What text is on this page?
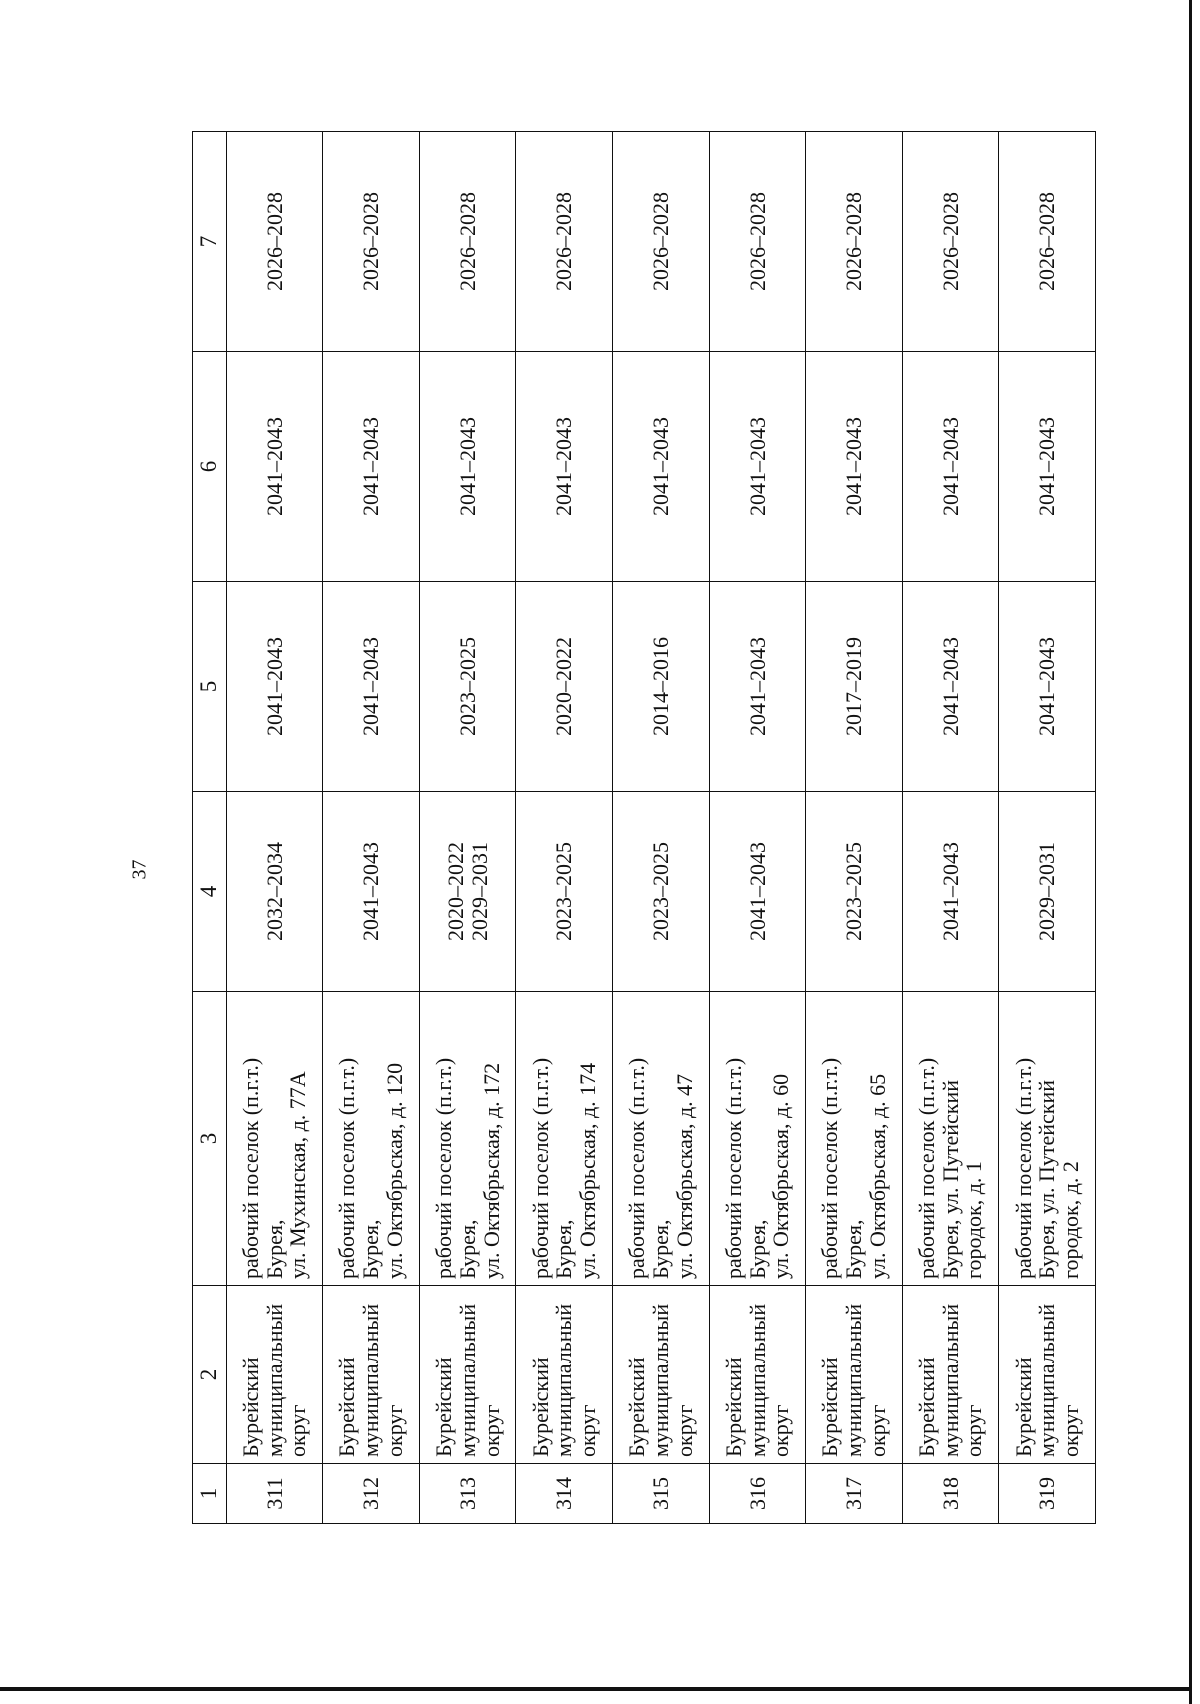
37
1	2	3	4	5	6	7

311	Бурейский муниципальный округ	рабочий поселок (п.г.т.)
Бурея,
ул. Мухинская, д. 77А	2032–2034	2041–2043	2041–2043	2026–2028

312	Бурейский муниципальный округ	рабочий поселок (п.г.т.)
Бурея,
ул. Октябрьская, д. 120	2041–2043	2041–2043	2041–2043	2026–2028

313	Бурейский муниципальный округ	рабочий поселок (п.г.т.)
Бурея,
ул. Октябрьская, д. 172	2020–2022
2029–2031	2023–2025	2041–2043	2026–2028

314	Бурейский муниципальный округ	рабочий поселок (п.г.т.)
Бурея,
ул. Октябрьская, д. 174	2023–2025	2020–2022	2041–2043	2026–2028

315	Бурейский муниципальный округ	рабочий поселок (п.г.т.)
Бурея,
ул. Октябрьская, д. 47	2023–2025	2014–2016	2041–2043	2026–2028

316	Бурейский муниципальный округ	рабочий поселок (п.г.т.)
Бурея,
ул. Октябрьская, д. 60	2041–2043	2041–2043	2041–2043	2026–2028

317	Бурейский муниципальный округ	рабочий поселок (п.г.т.)
Бурея,
ул. Октябрьская, д. 65	2023–2025	2017–2019	2041–2043	2026–2028

318	Бурейский муниципальный округ	рабочий поселок (п.г.т.)
Бурея, ул. Путейский
городок, д. 1	2041–2043	2041–2043	2041–2043	2026–2028

319	Бурейский муниципальный округ	рабочий поселок (п.г.т.)
Бурея, ул. Путейский
городок, д. 2	2029–2031	2041–2043	2041–2043	2026–2028
